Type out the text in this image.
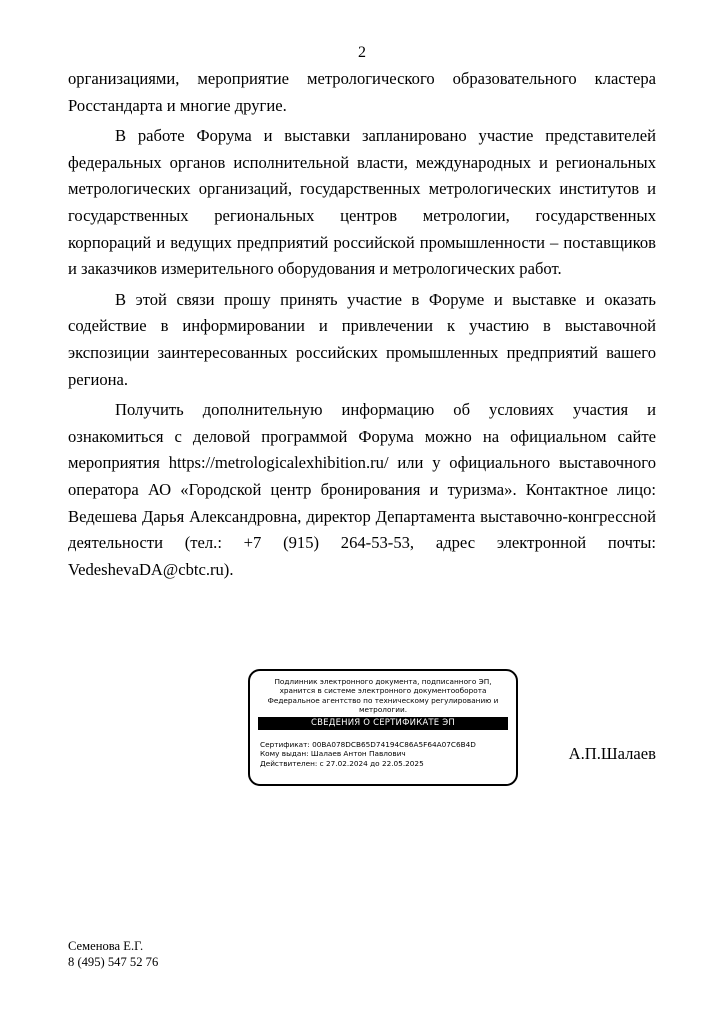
2

организациями, мероприятие метрологического образовательного кластера Росстандарта и многие другие.

В работе Форума и выставки запланировано участие представителей федеральных органов исполнительной власти, международных и региональных метрологических организаций, государственных метрологических институтов и государственных региональных центров метрологии, государственных корпораций и ведущих предприятий российской промышленности – поставщиков и заказчиков измерительного оборудования и метрологических работ.

В этой связи прошу принять участие в Форуме и выставке и оказать содействие в информировании и привлечении к участию в выставочной экспозиции заинтересованных российских промышленных предприятий вашего региона.

Получить дополнительную информацию об условиях участия и ознакомиться с деловой программой Форума можно на официальном сайте мероприятия https://metrologicalexhibition.ru/ или у официального выставочного оператора АО «Городской центр бронирования и туризма». Контактное лицо: Ведешева Дарья Александровна, директор Департамента выставочно-конгрессной деятельности (тел.: +7 (915) 264-53-53, адрес электронной почты: VedeshevaDA@cbtc.ru).

Подлинник электронного документа, подписанного ЭП, хранится в системе электронного документооборота Федеральное агентство по техническому регулированию и метрологии.
СВЕДЕНИЯ О СЕРТИФИКАТЕ ЭП
Сертификат: 00BA078DCB65D74194C86A5F64A07C6B4D
Кому выдан: Шалаев Антон Павлович
Действителен: с 27.02.2024 до 22.05.2025
А.П.Шалаев
Семенова Е.Г.
8 (495) 547 52 76
